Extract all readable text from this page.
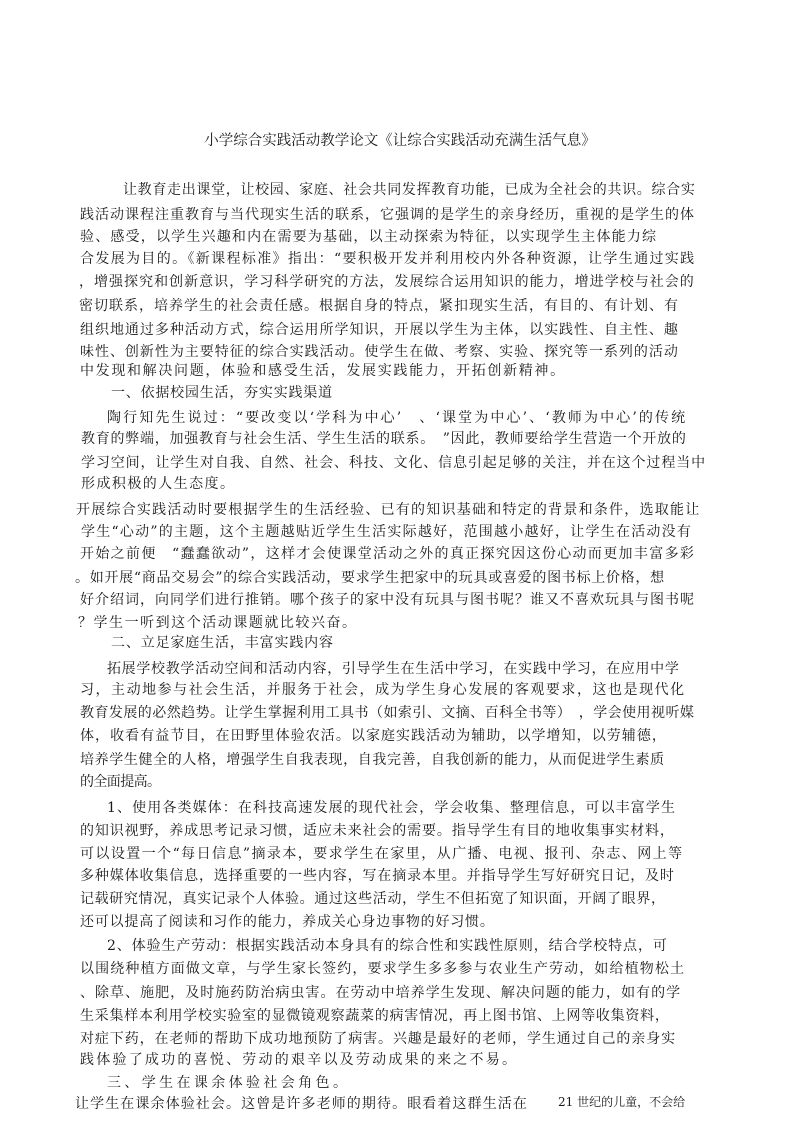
小学综合实践活动教学论文《让综合实践活动充满生活气息》
让教育走出课堂，让校园、家庭、社会共同发挥教育功能，已成为全社会的共识。综合实
践活动课程注重教育与当代现实生活的联系，它强调的是学生的亲身经历，重视的是学生的体
验、感受，以学生兴趣和内在需要为基础，以主动探索为特征，以实现学生主体能力综
合发展为目的。《新课程标准》指出：“要积极开发并利用校内外各种资源，让学生通过实践
，增强探究和创新意识，学习科学研究的方法，发展综合运用知识的能力，增进学校与社会的
密切联系，培养学生的社会责任感。根据自身的特点，紧扣现实生活，有目的、有计划、有
组织地通过多种活动方式，综合运用所学知识，开展以学生为主体，以实践性、自主性、趣
味性、创新性为主要特征的综合实践活动。使学生在做、考察、实验、探究等一系列的活动
中发现和解决问题，体验和感受生活，发展实践能力，开拓创新精神。
一、依据校园生活，夯实实践渠道
陶行知先生说过：“要改变以‘学科为中心’　、‘课堂为中心’、‘教师为中心’的传统
教育的弊端，加强教育与社会生活、学生生活的联系。　”因此，教师要给学生营造一个开放的
学习空间，让学生对自我、自然、社会、科技、文化、信息引起足够的关注，并在这个过程当中
形成积极的人生态度。
开展综合实践活动时要根据学生的生活经验、已有的知识基础和特定的背景和条件，选取能让
学生“心动”的主题，这个主题越贴近学生生活实际越好，范围越小越好，让学生在活动没有
开始之前便　“蠢蠢欲动”，这样才会使课堂活动之外的真正探究因这份心动而更加丰富多彩
。如开展“商品交易会”的综合实践活动，要求学生把家中的玩具或喜爱的图书标上价格，想
好介绍词，向同学们进行推销。哪个孩子的家中没有玩具与图书呢？谁又不喜欢玩具与图书呢
？学生一听到这个活动课题就比较兴奋。
二、立足家庭生活，丰富实践内容
拓展学校教学活动空间和活动内容，引导学生在生活中学习，在实践中学习，在应用中学
习，主动地参与社会生活，并服务于社会，成为学生身心发展的客观要求，这也是现代化
教育发展的必然趋势。让学生掌握利用工具书（如索引、文摘、百科全书等）　，学会使用视听媒
体，收看有益节目，在田野里体验农活。以家庭实践活动为辅助，以学增知，以劳辅德，
培养学生健全的人格，增强学生自我表现，自我完善，自我创新的能力，从而促进学生素质
的全面提高。
1、使用各类媒体：在科技高速发展的现代社会，学会收集、整理信息，可以丰富学生
的知识视野，养成思考记录习惯，适应未来社会的需要。指导学生有目的地收集事实材料，
可以设置一个“每日信息”摘录本，要求学生在家里，从广播、电视、报刊、杂志、网上等
多种媒体收集信息，选择重要的一些内容，写在摘录本里。并指导学生写好研究日记，及时
记载研究情况，真实记录个人体验。通过这些活动，学生不但拓宽了知识面，开阔了眼界，
还可以提高了阅读和习作的能力，养成关心身边事物的好习惯。
2、体验生产劳动：根据实践活动本身具有的综合性和实践性原则，结合学校特点，可
以围绕种植方面做文章，与学生家长签约，要求学生多多参与农业生产劳动，如给植物松土
、除草、施肥，及时施药防治病虫害。在劳动中培养学生发现、解决问题的能力，如有的学
生采集样本利用学校实验室的显微镜观察蔬菜的病害情况，再上图书馆、上网等收集资料，
对症下药，在老师的帮助下成功地预防了病害。兴趣是最好的老师，学生通过自己的亲身实
践体验了成功的喜悦、劳动的艰辛以及劳动成果的来之不易。
三、学生在课余体验社会角色。
让学生在课余体验社会。这曾是许多老师的期待。眼看着这群生活在	21 世纪的儿童，不会给
